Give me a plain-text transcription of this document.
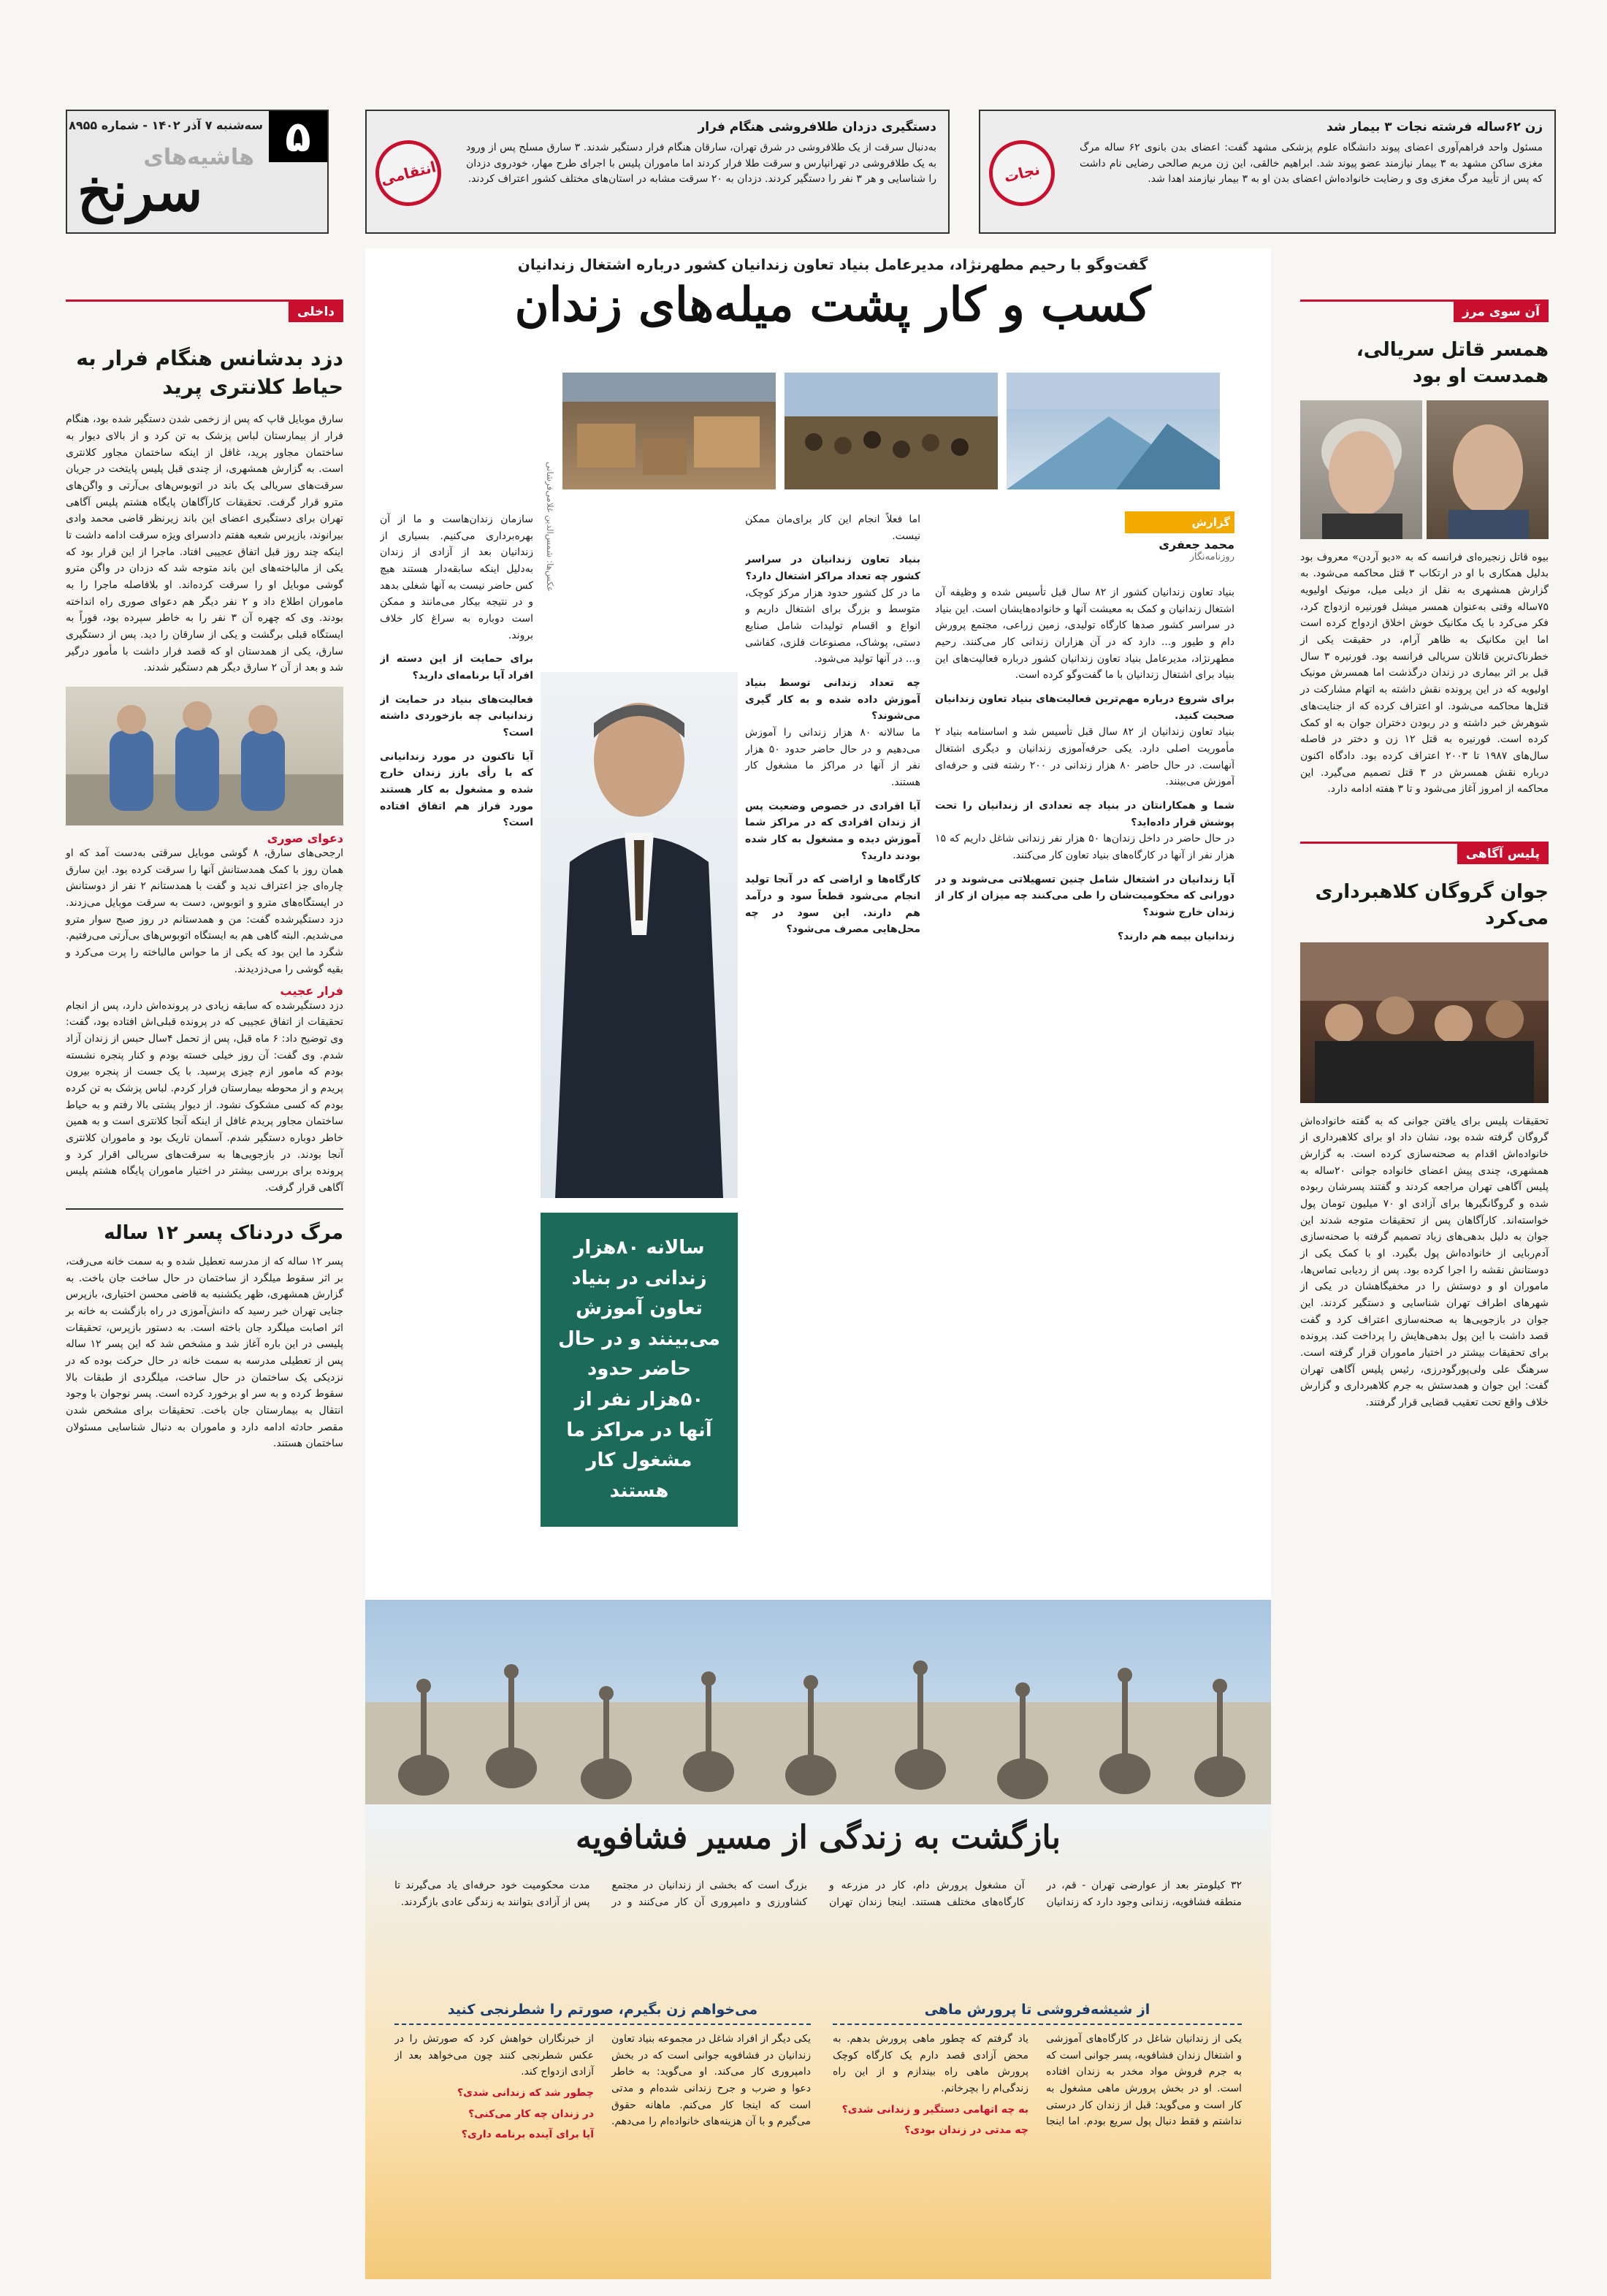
۵
سه‌شنبه ۷ آذر ۱۴۰۲ - شماره ۸۹۵۵
هاشیه‌های
سرنخ	انتقامی
دستگیری دزدان طلافروشی هنگام فرار
به‌دنبال سرقت از یک طلافروشی در شرق تهران، سارقان هنگام فرار دستگیر شدند. ۳ سارق مسلح پس از ورود به یک طلافروشی در تهرانپارس و سرقت طلا فرار کردند اما ماموران پلیس با اجرای طرح مهار، خودروی دزدان را شناسایی و هر ۳ نفر را دستگیر کردند. دزدان به ۲۰ سرقت مشابه در استان‌های مختلف کشور اعتراف کردند.	نجات
زن ۶۲ساله فرشته نجات ۳ بیمار شد
مسئول واحد فراهم‌آوری اعضای پیوند دانشگاه علوم پزشکی مشهد گفت: اعضای بدن بانوی ۶۲ ساله مرگ مغزی ساکن مشهد به ۳ بیمار نیازمند عضو پیوند شد. ابراهیم خالقی، این زن مریم صالحی رضایی نام داشت که پس از تأیید مرگ مغزی وی و رضایت خانواده‌اش اعضای بدن او به ۳ بیمار نیازمند اهدا شد.
داخلی
دزد بدشانس هنگام فرار به حیاط کلانتری پرید
سارق موبایل قاپ که پس از زخمی شدن دستگیر شده بود، هنگام فرار از بیمارستان لباس پزشک به تن کرد و از بالای دیوار به ساختمان مجاور پرید، غافل از اینکه ساختمان مجاور کلانتری است. به گزارش همشهری، از چندی قبل پلیس پایتخت در جریان سرقت‌های سریالی یک باند در اتوبوس‌های بی‌آرتی و واگن‌های مترو قرار گرفت. تحقیقات کارآگاهان پایگاه هشتم پلیس آگاهی تهران برای دستگیری اعضای این باند زیرنظر قاضی محمد وادی بیرانوند، بازپرس شعبه هفتم دادسرای ویژه سرقت ادامه داشت تا اینکه چند روز قبل اتفاق عجیبی افتاد. ماجرا از این قرار بود که یکی از مالباخته‌های این باند متوجه شد که دزدان در واگن مترو گوشی موبایل او را سرقت کرده‌اند. او بلافاصله ماجرا را به ماموران اطلاع داد و ۲ نفر دیگر هم دعوای صوری راه انداخته بودند. وی که چهره آن ۳ نفر را به خاطر سپرده بود، فوراً به ایستگاه قبلی برگشت و یکی از سارقان را دید. پس از دستگیری سارق، یکی از همدستان او که قصد فرار داشت با مأمور درگیر شد و بعد از آن ۲ سارق دیگر هم دستگیر شدند.
دعوای صوری
ارجحی‌های سارق، ۸ گوشی موبایل سرقتی به‌دست آمد که او همان روز با کمک همدستانش آنها را سرقت کرده بود. این سارق چاره‌ای جز اعتراف ندید و گفت با همدستانم ۲ نفر از دوستانش در ایستگاه‌های مترو و اتوبوس، دست به سرقت موبایل می‌زدند. دزد دستگیرشده گفت: من و همدستانم در روز صبح سوار مترو می‌شدیم. البته گاهی هم به ایستگاه اتوبوس‌های بی‌آرتی می‌رفتیم. شگرد ما این بود که یکی از ما حواس مالباخته را پرت می‌کرد و بقیه گوشی را می‌دزدیدند.
فرار عجیب
دزد دستگیرشده که سابقه زیادی در پرونده‌اش دارد، پس از انجام تحقیقات از اتفاق عجیبی که در پرونده قبلی‌اش افتاده بود، گفت: وی توضیح داد: ۶ ماه قبل، پس از تحمل ۴سال حبس از زندان آزاد شدم. وی گفت: آن روز خیلی خسته بودم و کنار پنجره نشسته بودم که مامور ازم چیزی پرسید. با یک جست از پنجره بیرون پریدم و از محوطه بیمارستان فرار کردم. لباس پزشک به تن کرده بودم که کسی مشکوک نشود. از دیوار پشتی بالا رفتم و به حیاط ساختمان مجاور پریدم غافل از اینکه آنجا کلانتری است و به همین خاطر دوباره دستگیر شدم. آسمان تاریک بود و ماموران کلانتری آنجا بودند. در بازجویی‌ها به سرقت‌های سریالی اقرار کرد و پرونده برای بررسی بیشتر در اختیار ماموران پایگاه هشتم پلیس آگاهی قرار گرفت.
مرگ دردناک پسر ۱۲ ساله
پسر ۱۲ ساله که از مدرسه تعطیل شده و به سمت خانه می‌رفت، بر اثر سقوط میلگرد از ساختمان در حال ساخت جان باخت. به گزارش همشهری، ظهر یکشنبه به قاضی محسن اختیاری، بازپرس جنایی تهران خبر رسید که دانش‌آموزی در راه بازگشت به خانه بر اثر اصابت میلگرد جان باخته است. به دستور بازپرس، تحقیقات پلیسی در این باره آغاز شد و مشخص شد که این پسر ۱۲ ساله پس از تعطیلی مدرسه به سمت خانه در حال حرکت بوده که در نزدیکی یک ساختمان در حال ساخت، میلگردی از طبقات بالا سقوط کرده و به سر او برخورد کرده است. پسر نوجوان با وجود انتقال به بیمارستان جان باخت. تحقیقات برای مشخص شدن مقصر حادثه ادامه دارد و ماموران به دنبال شناسایی مسئولان ساختمان هستند.
آن سوی مرز
همسر قاتل سریالی، همدست او بود
بیوه قاتل زنجیره‌ای فرانسه که به «دیو آردن» معروف بود بدلیل همکاری با او در ارتکاب ۳ قتل محاکمه می‌شود. به گزارش همشهری به نقل از دیلی میل، مونیک اولیویه ۷۵ساله وقتی به‌عنوان همسر میشل فورنیره ازدواج کرد، فکر می‌کرد با یک مکانیک خوش اخلاق ازدواج کرده است اما این مکانیک به ظاهر آرام، در حقیقت یکی از خطرناک‌ترین قاتلان سریالی فرانسه بود. فورنیره ۳ سال قبل بر اثر بیماری در زندان درگذشت اما همسرش مونیک اولیویه که در این پرونده نقش داشته به اتهام مشارکت در قتل‌ها محاکمه می‌شود. او اعتراف کرده که از جنایت‌های شوهرش خبر داشته و در ربودن دختران جوان به او کمک کرده است. فورنیره به قتل ۱۲ زن و دختر در فاصله سال‌های ۱۹۸۷ تا ۲۰۰۳ اعتراف کرده بود. دادگاه اکنون درباره نقش همسرش در ۳ قتل تصمیم می‌گیرد. این محاکمه از امروز آغاز می‌شود و تا ۳ هفته ادامه دارد.
پلیس آگاهی
جوان گروگان کلاهبرداری می‌کرد
تحقیقات پلیس برای یافتن جوانی که به گفته خانواده‌اش گروگان گرفته شده بود، نشان داد او برای کلاهبرداری از خانواده‌اش اقدام به صحنه‌سازی کرده است. به گزارش همشهری، چندی پیش اعضای خانواده جوانی ۲۰ساله به پلیس آگاهی تهران مراجعه کردند و گفتند پسرشان ربوده شده و گروگانگیرها برای آزادی او ۷۰ میلیون تومان پول خواسته‌اند. کارآگاهان پس از تحقیقات متوجه شدند این جوان به دلیل بدهی‌های زیاد تصمیم گرفته با صحنه‌سازی آدم‌ربایی از خانواده‌اش پول بگیرد. او با کمک یکی از دوستانش نقشه را اجرا کرده بود. پس از ردیابی تماس‌ها، ماموران او و دوستش را در مخفیگاهشان در یکی از شهرهای اطراف تهران شناسایی و دستگیر کردند. این جوان در بازجویی‌ها به صحنه‌سازی اعتراف کرد و گفت قصد داشت با این پول بدهی‌هایش را پرداخت کند. پرونده برای تحقیقات بیشتر در اختیار ماموران قرار گرفته است. سرهنگ علی ولی‌پورگودرزی، رئیس پلیس آگاهی تهران گفت: این جوان و همدستش به جرم کلاهبرداری و گزارش خلاف واقع تحت تعقیب قضایی قرار گرفتند.
گفت‌وگو با رحیم مطهرنژاد، مدیرعامل بنیاد تعاون زندانیان کشور درباره اشتغال زندانیان
کسب و کار پشت میله‌های زندان
عکس‌ها: شمس‌الدین غلامی‌فرشانی	گزارش
محمد جعفری
روزنامه‌نگار

بنیاد تعاون زندانیان کشور از ۸۲ سال قبل تأسیس شده و وظیفه آن اشتغال زندانیان و کمک به معیشت آنها و خانواده‌هایشان است. این بنیاد در سراسر کشور صدها کارگاه تولیدی، زمین زراعی، مجتمع پرورش دام و طیور و... دارد که در آن هزاران زندانی کار می‌کنند. رحیم مطهرنژاد، مدیرعامل بنیاد تعاون زندانیان کشور درباره فعالیت‌های این بنیاد برای اشتغال زندانیان با ما گفت‌وگو کرده است.

برای شروع درباره مهم‌ترین فعالیت‌های بنیاد تعاون زندانیان صحبت کنید.

بنیاد تعاون زندانیان از ۸۲ سال قبل تأسیس شد و اساسنامه بنیاد ۲ مأموریت اصلی دارد. یکی حرفه‌آموزی زندانیان و دیگری اشتغال آنهاست. در حال حاضر ۸۰ هزار زندانی در ۲۰۰ رشته فنی و حرفه‌ای آموزش می‌بینند.

شما و همکارانتان در بنیاد چه تعدادی از زندانیان را تحت پوشش قرار داده‌اید؟

در حال حاضر در داخل زندان‌ها ۵۰ هزار نفر زندانی شاغل داریم که ۱۵ هزار نفر از آنها در کارگاه‌های بنیاد تعاون کار می‌کنند.

آیا زندانیان در اشتغال شامل چنین تسهیلاتی می‌شوند و در دورانی که محکومیت‌شان را طی می‌کنند چه میزان از کار از زندان خارج شوند؟

زندانیان بیمه هم دارند؟

اما فعلاً انجام این کار برای‌مان ممکن نیست.

بنیاد تعاون زندانیان در سراسر کشور چه تعداد مراکز اشتغال دارد؟

ما در کل کشور حدود هزار مرکز کوچک، متوسط و بزرگ برای اشتغال داریم و انواع و اقسام تولیدات شامل صنایع دستی، پوشاک، مصنوعات فلزی، کفاشی و... در آنها تولید می‌شود.

چه تعداد زندانی توسط بنیاد آموزش داده شده و به کار گیری می‌شوند؟

ما سالانه ۸۰ هزار زندانی را آموزش می‌دهیم و در حال حاضر حدود ۵۰ هزار نفر از آنها در مراکز ما مشغول کار هستند.

آیا افرادی در خصوص وضعیت پس از زندان افرادی که در مراکز شما آموزش دیده و مشغول به کار شده بودند دارید؟

کارگاه‌ها و اراضی که در آنجا تولید انجام می‌شود قطعاً سود و درآمد هم دارند. این سود در چه محل‌هایی مصرف می‌شود؟

سالانه ۸۰هزار زندانی در بنیاد تعاون آموزش می‌بینند و در حال حاضر حدود ۵۰هزار نفر از آنها در مراکز ما مشغول کار هستند

سازمان زندان‌هاست و ما از آن بهره‌برداری می‌کنیم. بسیاری از زندانیان بعد از آزادی از زندان به‌دلیل اینکه سابقه‌دار هستند هیچ کس حاضر نیست به آنها شغلی بدهد و در نتیجه بیکار می‌مانند و ممکن است دوباره به سراغ کار خلاف بروند.

برای حمایت از این دسته از افراد آیا برنامه‌ای دارید؟

فعالیت‌های بنیاد در حمایت از زندانیانی چه بازخوردی داشته است؟

آیا تاکنون در مورد زندانیانی که با رأی بازز زندان خارج شده و مشغول به کار هستند مورد فراز هم اتفاق افتاده است؟

بازگشت به زندگی از مسیر فشافویه
۳۲ کیلومتر بعد از عوارضی تهران - قم، در منطقه فشافویه، زندانی وجود دارد که زندانیان آن مشغول پرورش دام، کار در مزرعه و کارگاه‌های مختلف هستند. اینجا زندان تهران بزرگ است که بخشی از زندانیان در مجتمع کشاورزی و دامپروری آن کار می‌کنند و در مدت محکومیت خود حرفه‌ای یاد می‌گیرند تا پس از آزادی بتوانند به زندگی عادی بازگردند.
از شیشه‌فروشی تا پرورش ماهی

یکی از زندانیان شاغل در کارگاه‌های آموزشی و اشتغال زندان فشافویه، پسر جوانی است که به جرم فروش مواد مخدر به زندان افتاده است. او در بخش پرورش ماهی مشغول به کار است و می‌گوید: قبل از زندان کار درستی نداشتم و فقط دنبال پول سریع بودم. اما اینجا یاد گرفتم که چطور ماهی پرورش بدهم. به محض آزادی قصد دارم یک کارگاه کوچک پرورش ماهی راه بیندازم و از این راه زندگی‌ام را بچرخانم.

به چه اتهامی دستگیر و زندانی شدی؟

چه مدتی در زندان بودی؟

می‌خواهم زن بگیرم، صورتم را شطرنجی کنید

یکی دیگر از افراد شاغل در مجموعه بنیاد تعاون زندانیان در فشافویه جوانی است که در بخش دامپروری کار می‌کند. او می‌گوید: به خاطر دعوا و ضرب و جرح زندانی شده‌ام و مدتی است که اینجا کار می‌کنم. ماهانه حقوق می‌گیرم و با آن هزینه‌های خانواده‌ام را می‌دهم. از خبرنگاران خواهش کرد که صورتش را در عکس شطرنجی کنند چون می‌خواهد بعد از آزادی ازدواج کند.

چطور شد که زندانی شدی؟

در زندان چه کار می‌کنی؟

آیا برای آینده برنامه داری؟
